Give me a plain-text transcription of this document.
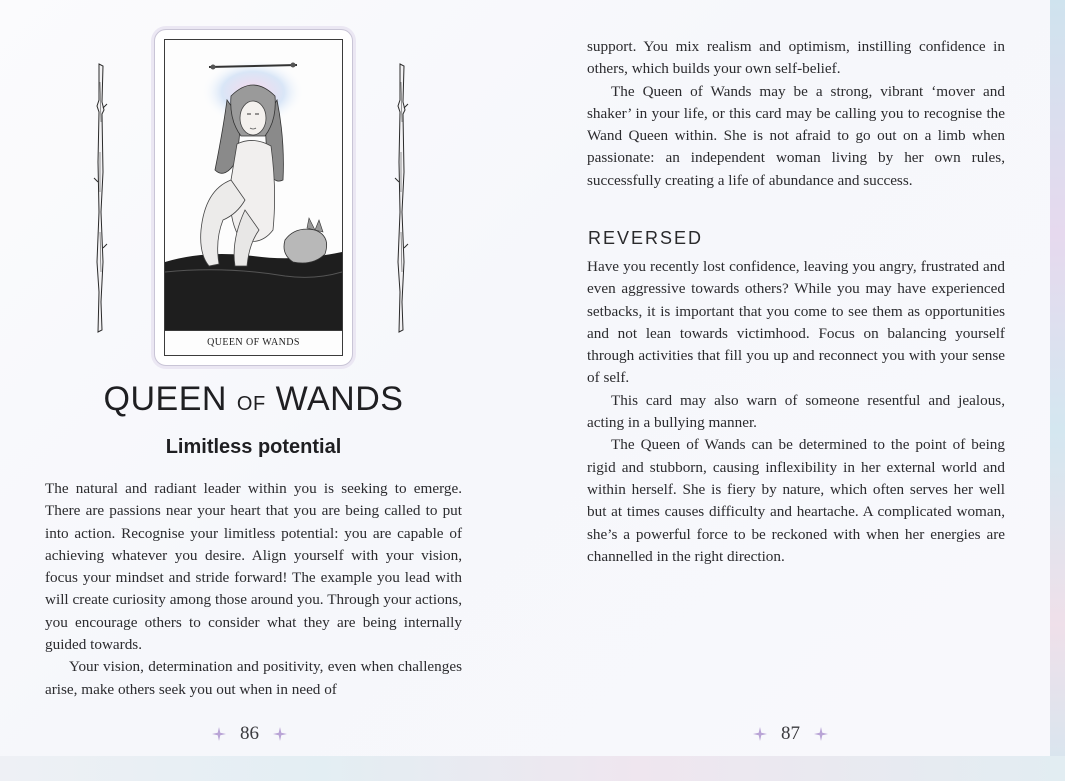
QUEEN OF WANDS
QUEEN OF WANDS
Limitless potential

The natural and radiant leader within you is seeking to emerge. There are passions near your heart that you are being called to put into action. Recognise your limitless potential: you are capable of achieving whatever you desire. Align yourself with your vision, focus your mindset and stride forward! The example you lead with will create curiosity among those around you. Through your actions, you encourage others to consider what they are being internally guided towards.

Your vision, determination and positivity, even when challenges arise, make others seek you out when in need of

86

support. You mix realism and optimism, instilling confidence in others, which builds your own self-belief.

The Queen of Wands may be a strong, vibrant ‘mover and shaker’ in your life, or this card may be calling you to recognise the Wand Queen within. She is not afraid to go out on a limb when passionate: an independent woman living by her own rules, successfully creating a life of abundance and success.

REVERSED

Have you recently lost confidence, leaving you angry, frustrated and even aggressive towards others? While you may have experienced setbacks, it is important that you come to see them as opportunities and not lean towards victimhood. Focus on balancing yourself through activities that fill you up and reconnect you with your sense of self.

This card may also warn of someone resentful and jealous, acting in a bullying manner.

The Queen of Wands can be determined to the point of being rigid and stubborn, causing inflexibility in her external world and within herself. She is fiery by nature, which often serves her well but at times causes difficulty and heartache. A complicated woman, she’s a powerful force to be reckoned with when her energies are channelled in the right direction.

87
